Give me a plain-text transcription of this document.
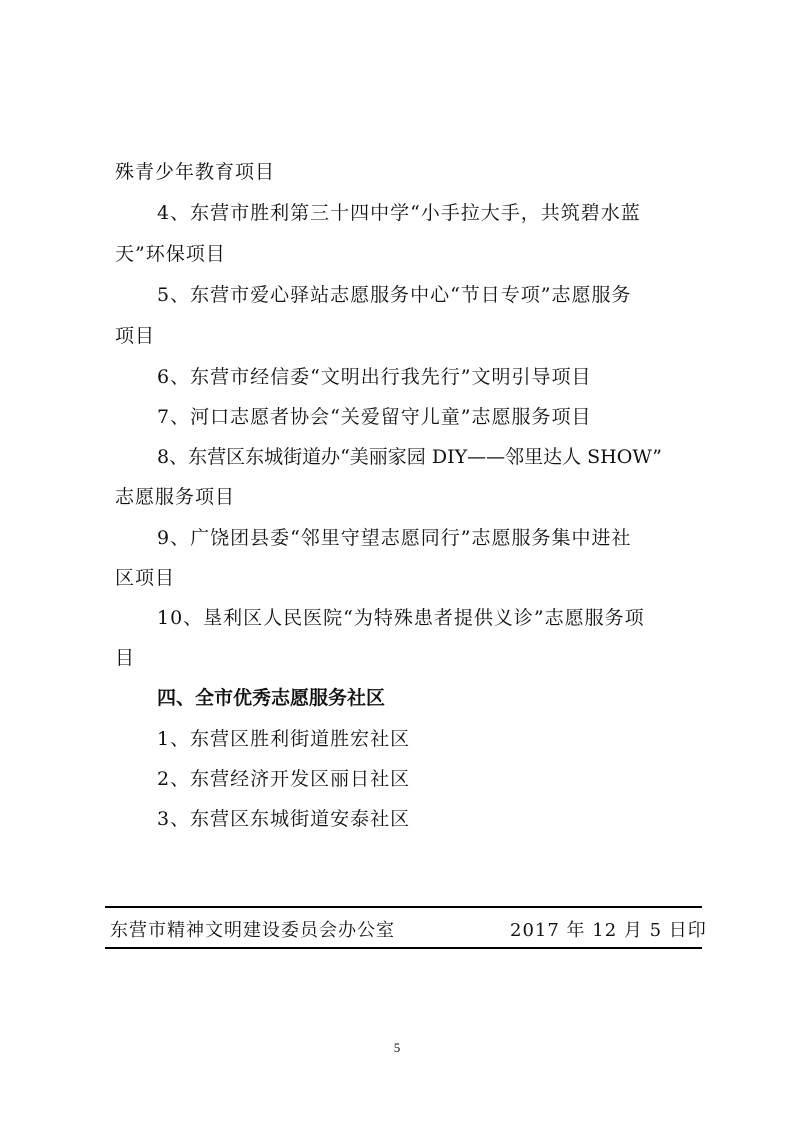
殊青少年教育项目
4、东营市胜利第三十四中学“小手拉大手，共筑碧水蓝
天”环保项目
5、东营市爱心驿站志愿服务中心“节日专项”志愿服务
项目
6、东营市经信委“文明出行我先行”文明引导项目
7、河口志愿者协会“关爱留守儿童”志愿服务项目
8、东营区东城街道办“美丽家园 DIY——邻里达人 SHOW”
志愿服务项目
9、广饶团县委“邻里守望志愿同行”志愿服务集中进社
区项目
10、垦利区人民医院“为特殊患者提供义诊”志愿服务项
目
四、全市优秀志愿服务社区
1、东营区胜利街道胜宏社区
2、东营经济开发区丽日社区
3、东营区东城街道安泰社区
东营市精神文明建设委员会办公室	2017 年 12 月 5 日印
5
